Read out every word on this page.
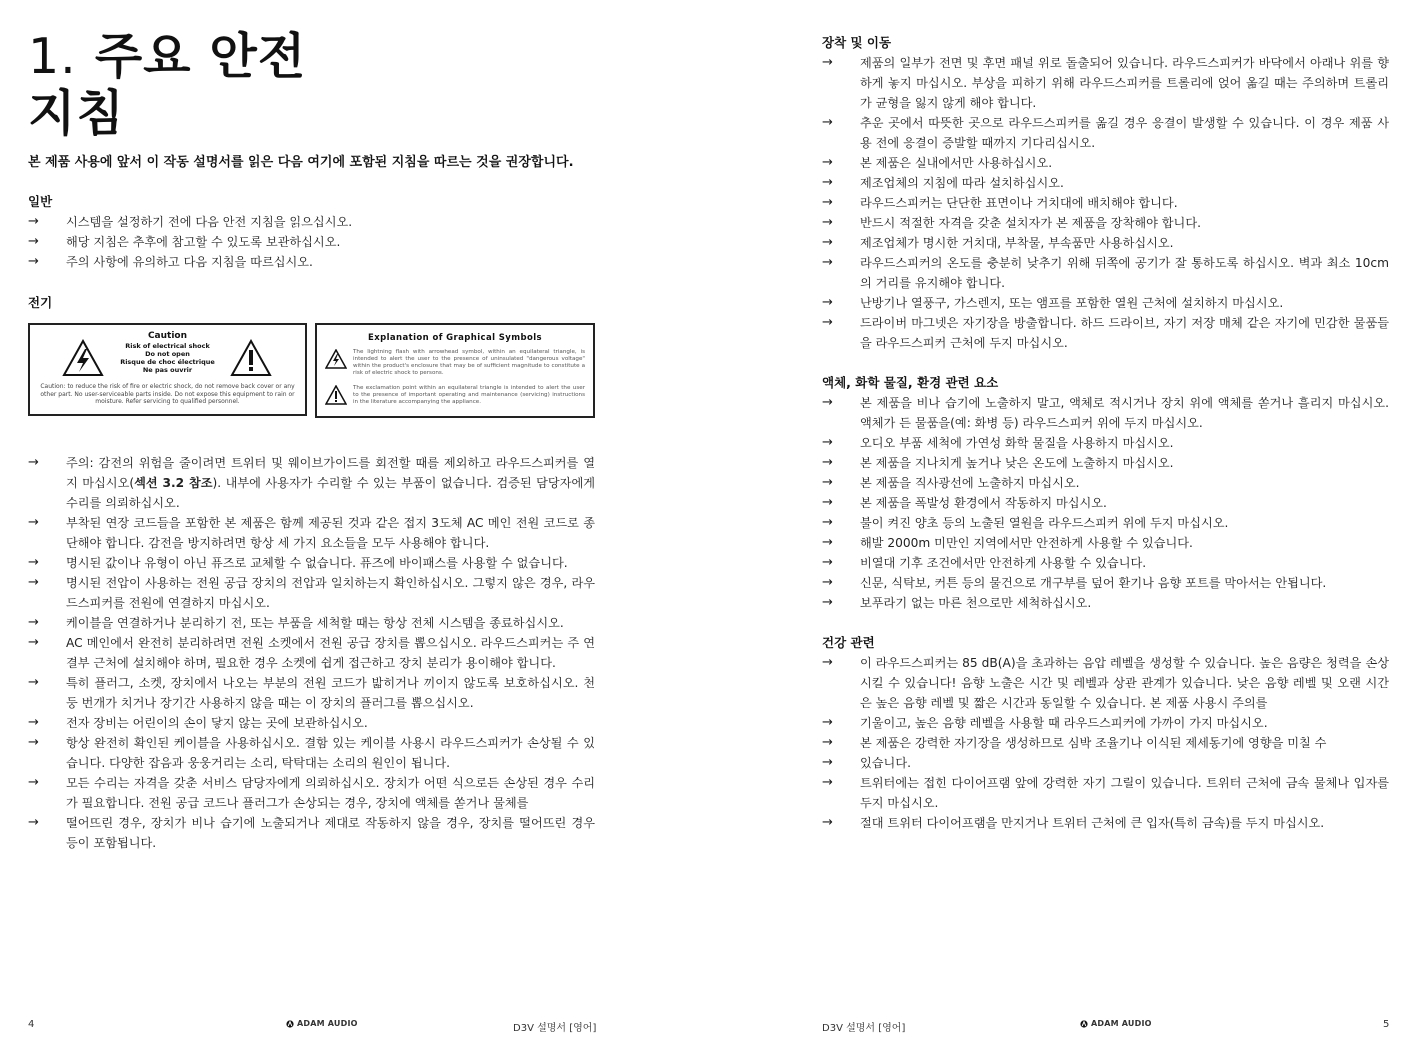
1. 주요 안전
지침

본 제품 사용에 앞서 이 작동 설명서를 읽은 다음 여기에 포함된 지침을 따르는 것을 권장합니다.

일반
→	시스템을 설정하기 전에 다음 안전 지침을 읽으십시오.
→	해당 지침은 추후에 참고할 수 있도록 보관하십시오.
→	주의 사항에 유의하고 다음 지침을 따르십시오.
전기
Caution
Risk of electrical shock
Do not open
Risque de choc électrique
Ne pas ouvrir
Caution: to reduce the risk of fire or electric shock, do not remove back cover or any other part. No user-serviceable parts inside. Do not expose this equipment to rain or moisture. Refer servicing to qualified personnel.
Explanation of Graphical Symbols
The lightning flash with arrowhead symbol, within an equilateral triangle, is intended to alert the user to the presence of uninsulated "dangerous voltage" within the product's enclosure that may be of sufficient magnitude to constitute a risk of electric shock to persons.
The exclamation point within an equilateral triangle is intended to alert the user to the presence of important operating and maintenance (servicing) instructions in the literature accompanying the appliance.
→	주의: 감전의 위험을 줄이려면 트위터 및 웨이브가이드를 회전할 때를 제외하고 라우드스피커를 열지 마십시오(섹션 3.2 참조). 내부에 사용자가 수리할 수 있는 부품이 없습니다. 검증된 담당자에게 수리를 의뢰하십시오.
→	부착된 연장 코드들을 포함한 본 제품은 함께 제공된 것과 같은 접지 3도체 AC 메인 전원 코드로 종단해야 합니다. 감전을 방지하려면 항상 세 가지 요소들을 모두 사용해야 합니다.
→	명시된 값이나 유형이 아닌 퓨즈로 교체할 수 없습니다. 퓨즈에 바이패스를 사용할 수 없습니다.
→	명시된 전압이 사용하는 전원 공급 장치의 전압과 일치하는지 확인하십시오. 그렇지 않은 경우, 라우드스피커를 전원에 연결하지 마십시오.
→	케이블을 연결하거나 분리하기 전, 또는 부품을 세척할 때는 항상 전체 시스템을 종료하십시오.
→	AC 메인에서 완전히 분리하려면 전원 소켓에서 전원 공급 장치를 뽑으십시오. 라우드스피커는 주 연결부 근처에 설치해야 하며, 필요한 경우 소켓에 쉽게 접근하고 장치 분리가 용이해야 합니다.
→	특히 플러그, 소켓, 장치에서 나오는 부분의 전원 코드가 밟히거나 끼이지 않도록 보호하십시오. 천둥 번개가 치거나 장기간 사용하지 않을 때는 이 장치의 플러그를 뽑으십시오.
→	전자 장비는 어린이의 손이 닿지 않는 곳에 보관하십시오.
→	항상 완전히 확인된 케이블을 사용하십시오. 결함 있는 케이블 사용시 라우드스피커가 손상될 수 있습니다. 다양한 잡음과 웅웅거리는 소리, 탁탁대는 소리의 원인이 됩니다.
→	모든 수리는 자격을 갖춘 서비스 담당자에게 의뢰하십시오. 장치가 어떤 식으로든 손상된 경우 수리가 필요합니다. 전원 공급 코드나 플러그가 손상되는 경우, 장치에 액체를 쏟거나 물체를
→	떨어뜨린 경우, 장치가 비나 습기에 노출되거나 제대로 작동하지 않을 경우, 장치를 떨어뜨린 경우 등이 포함됩니다.
4	ADAM AUDIO	D3V 설명서 [영어]
장착 및 이동
→	제품의 일부가 전면 및 후면 패널 위로 돌출되어 있습니다. 라우드스피커가 바닥에서 아래나 위를 향하게 놓지 마십시오. 부상을 피하기 위해 라우드스피커를 트롤리에 얹어 옮길 때는 주의하며 트롤리가 균형을 잃지 않게 해야 합니다.
→	추운 곳에서 따뜻한 곳으로 라우드스피커를 옮길 경우 응결이 발생할 수 있습니다. 이 경우 제품 사용 전에 응결이 증발할 때까지 기다리십시오.
→	본 제품은 실내에서만 사용하십시오.
→	제조업체의 지침에 따라 설치하십시오.
→	라우드스피커는 단단한 표면이나 거치대에 배치해야 합니다.
→	반드시 적절한 자격을 갖춘 설치자가 본 제품을 장착해야 합니다.
→	제조업체가 명시한 거치대, 부착물, 부속품만 사용하십시오.
→	라우드스피커의 온도를 충분히 낮추기 위해 뒤쪽에 공기가 잘 통하도록 하십시오. 벽과 최소 10cm의 거리를 유지해야 합니다.
→	난방기나 열풍구, 가스렌지, 또는 앰프를 포함한 열원 근처에 설치하지 마십시오.
→	드라이버 마그넷은 자기장을 방출합니다. 하드 드라이브, 자기 저장 매체 같은 자기에 민감한 물품들을 라우드스피커 근처에 두지 마십시오.
액체, 화학 물질, 환경 관련 요소
→	본 제품을 비나 습기에 노출하지 말고, 액체로 적시거나 장치 위에 액체를 쏟거나 흘리지 마십시오. 액체가 든 물품을(예: 화병 등) 라우드스피커 위에 두지 마십시오.
→	오디오 부품 세척에 가연성 화학 물질을 사용하지 마십시오.
→	본 제품을 지나치게 높거나 낮은 온도에 노출하지 마십시오.
→	본 제품을 직사광선에 노출하지 마십시오.
→	본 제품을 폭발성 환경에서 작동하지 마십시오.
→	불이 켜진 양초 등의 노출된 열원을 라우드스피커 위에 두지 마십시오.
→	해발 2000m 미만인 지역에서만 안전하게 사용할 수 있습니다.
→	비열대 기후 조건에서만 안전하게 사용할 수 있습니다.
→	신문, 식탁보, 커튼 등의 물건으로 개구부를 덮어 환기나 음향 포트를 막아서는 안됩니다.
→	보푸라기 없는 마른 천으로만 세척하십시오.
건강 관련
→	이 라우드스피커는 85 dB(A)을 초과하는 음압 레벨을 생성할 수 있습니다. 높은 음량은 청력을 손상시킬 수 있습니다! 음향 노출은 시간 및 레벨과 상관 관계가 있습니다. 낮은 음향 레벨 및 오랜 시간은 높은 음향 레벨 및 짧은 시간과 동일할 수 있습니다. 본 제품 사용시 주의를
→	기울이고, 높은 음향 레벨을 사용할 때 라우드스피커에 가까이 가지 마십시오.
→	본 제품은 강력한 자기장을 생성하므로 심박 조율기나 이식된 제세동기에 영향을 미칠 수
→	있습니다.
→	트위터에는 접힌 다이어프램 앞에 강력한 자기 그릴이 있습니다. 트위터 근처에 금속 물체나 입자를 두지 마십시오.
→	절대 트위터 다이어프램을 만지거나 트위터 근처에 큰 입자(특히 금속)를 두지 마십시오.
D3V 설명서 [영어]	ADAM AUDIO	5
